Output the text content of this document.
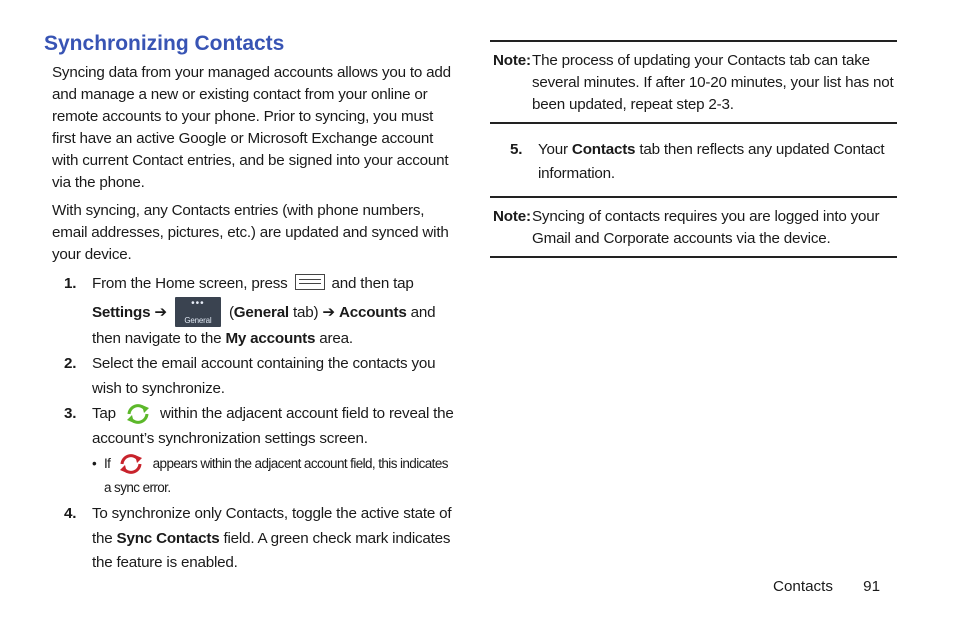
Synchronizing Contacts

Syncing data from your managed accounts allows you to add and manage a new or existing contact from your online or remote accounts to your phone. Prior to syncing, you must first have an active Google or Microsoft Exchange account with current Contact entries, and be signed into your account via the phone.

With syncing, any Contacts entries (with phone numbers, email addresses, pictures, etc.) are updated and synced with your device.

1. From the Home screen, press	and then tap Settings ➔
•••
General	(General tab) ➔ Accounts and then navigate to the My accounts area.
2. Select the email account containing the contacts you wish to synchronize.
3. Tap	within the adjacent account field to reveal the account’s synchronization settings screen.
• If	appears within the adjacent account field, this indicates a sync error.
4. To synchronize only Contacts, toggle the active state of the Sync Contacts field. A green check mark indicates the feature is enabled.
Note: The process of updating your Contacts tab can take several minutes. If after 10-20 minutes, your list has not been updated, repeat step 2-3.
5. Your Contacts tab then reflects any updated Contact information.
Note: Syncing of contacts requires you are logged into your Gmail and Corporate accounts via the device.
Contacts 91
